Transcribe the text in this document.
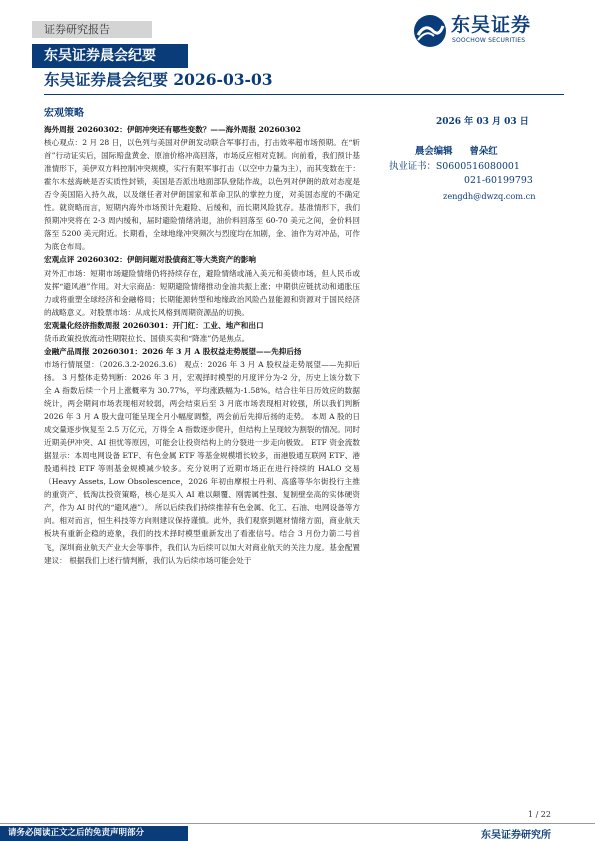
证券研究报告	东吴证券
SOOCHOW SECURITIES
东吴证券晨会纪要
东吴证券晨会纪要 2026-03-03
宏观策略

海外周报 20260302：伊朗冲突还有哪些变数？——海外周报 20260302

核心观点：2 月 28 日，以色列与美国对伊朗发动联合军事打击，打击效率超市场预期。在“斩首”行动证实后，国际赔盘黄金、原油价格冲高回落，市场反应相对克制。向前看，我们预计基准情形下，美伊双方料控制冲突规模，实行有限军事打击（以空中力量为主），而其变数在于：霍尔木兹海峡是否实质性封锁，美国是否派出地面部队登陆作战，以色列对伊朗的敌对态度是否令美国陷入持久战，以及继任者对伊朗国家和革命卫队的掌控力度，对美国态度的不确定性。就资略而言，短期内海外市场预计先避险、后缓和，而长期风险犹存。基准情形下，我们预期冲突将在 2-3 周内缓和，届时避险情绪消退，油价料回落至 60-70 美元之间，金价料回落至 5200 美元附近。长期看，全球地缘冲突频次与烈度均在加剧，金、油作为对冲品，可作为底仓布局。

宏观点评 20260302：伊朗问题对股债商汇等大类资产的影响

对外汇市场：短期市场避险情绪仍将持续存在，避险情绪或涌入美元和美债市场，但人民币或发挥“避风港”作用。对大宗商品：短期避险情绪推动金油共振上涨；中期供应链扰动和通胀压力或将重塑全球经济和金融格局；长期能源转型和地缘政治风险凸显能源和资源对于国民经济的战略意义。对股票市场：从成长风格到周期资源品的切换。

宏观量化经济指数周报 20260301：开门红：工业、地产和出口

货币政策投放流动性期限拉长、国债买卖和“降准”仍是焦点。

金融产品周报 20260301：2026 年 3 月 A 股权益走势展望——先抑后扬

市场行情展望：（2026.3.2-2026.3.6） 观点：2026 年 3 月 A 股权益走势展望——先抑后扬。 3 月整体走势判断：2026 年 3 月，宏观择时模型的月度评分为-2 分，历史上该分数下全 A 指数后续一个月上涨概率为 30.77%，平均涨跌幅为-1.58%。结合往年日历效应的数据统计，两会期间市场表现相对较弱，两会结束后至 3 月底市场表现相对较强，所以我们判断 2026 年 3 月 A 股大盘可能呈现全月小幅度调整，两会前后先抑后扬的走势。 本周 A 股的日成交量逐步恢复至 2.5 万亿元，万得全 A 指数逐步爬升，但结构上呈现较为割裂的情况。同时近期美伊冲突、AI 担忧等原因，可能会让投资结构上的分裂进一步走向极致。 ETF 资金流数据显示：本周电网设备 ETF、有色金属 ETF 等基金规模增长较多，而港股通互联网 ETF、港股通科技 ETF 等则基金规模减少较多。充分说明了近期市场正在进行持续的 HALO 交易（Heavy Assets, Low Obsolescence，2026 年初由摩根士丹利、高盛等华尔街投行主推的重资产、低淘汰投资策略，核心是买入 AI 难以颠覆、刚需属性强、复制壁垒高的实体硬资产，作为 AI 时代的“避风港”）。 所以后续我们持续推荐有色金属、化工、石油、电网设备等方向。相对而言，恒生科技等方向则建议保持谨慎。此外，我们观察到题材情绪方面，商业航天板块有重新企稳的迹象，我们的技术择时模型重新发出了看涨信号。结合 3 月份力箭二号首飞，深圳商业航天产业大会等事件，我们认为后续可以加大对商业航天的关注力度。基金配置建议： 根据我们上述行情判断，我们认为后续市场可能会处于

2026 年 03 月 03 日
晨会编辑 曾朵红
执业证书：S0600516080001
021-60199793
zengdh@dwzq.com.cn
1 / 22
请务必阅读正文之后的免责声明部分	东吴证券研究所
